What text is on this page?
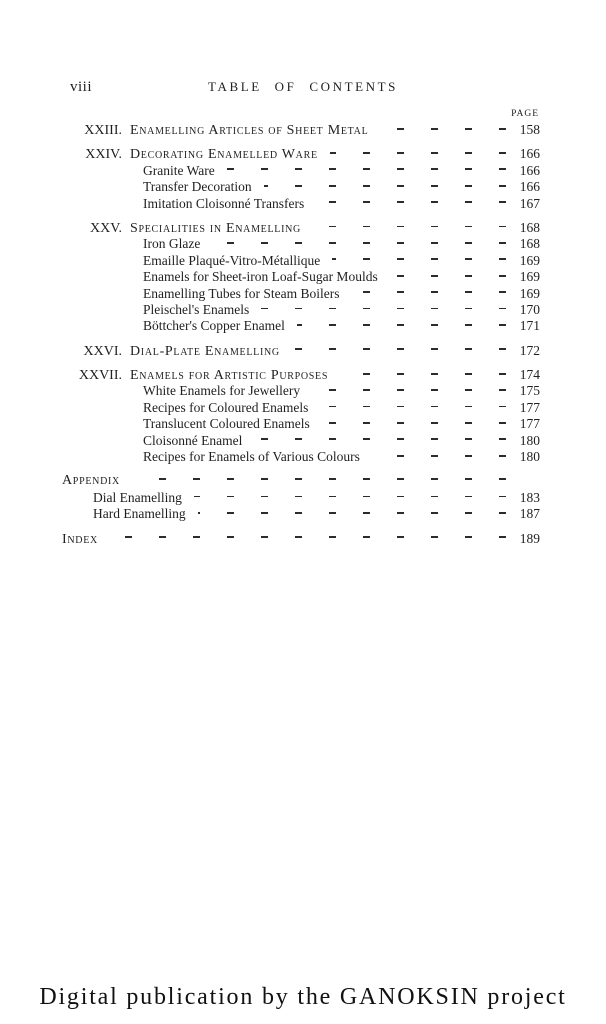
viii	TABLE OF CONTENTS
PAGE
XXIII. Enamelling Articles of Sheet Metal	158
XXIV. Decorating Enamelled Ware	166
Granite Ware	166
Transfer Decoration	166
Imitation Cloisonné Transfers	167
XXV. Specialities in Enamelling	168
Iron Glaze	168
Emaille Plaqué-Vitro-Métallique	169
Enamels for Sheet-iron Loaf-Sugar Moulds	169
Enamelling Tubes for Steam Boilers	169
Pleischel's Enamels	170
Böttcher's Copper Enamel	171
XXVI. Dial-Plate Enamelling	172
XXVII. Enamels for Artistic Purposes	174
White Enamels for Jewellery	175
Recipes for Coloured Enamels	177
Translucent Coloured Enamels	177
Cloisonné Enamel	180
Recipes for Enamels of Various Colours	180
Appendix
Dial Enamelling	183
Hard Enamelling	187
Index	189
Digital publication by the GANOKSIN project
